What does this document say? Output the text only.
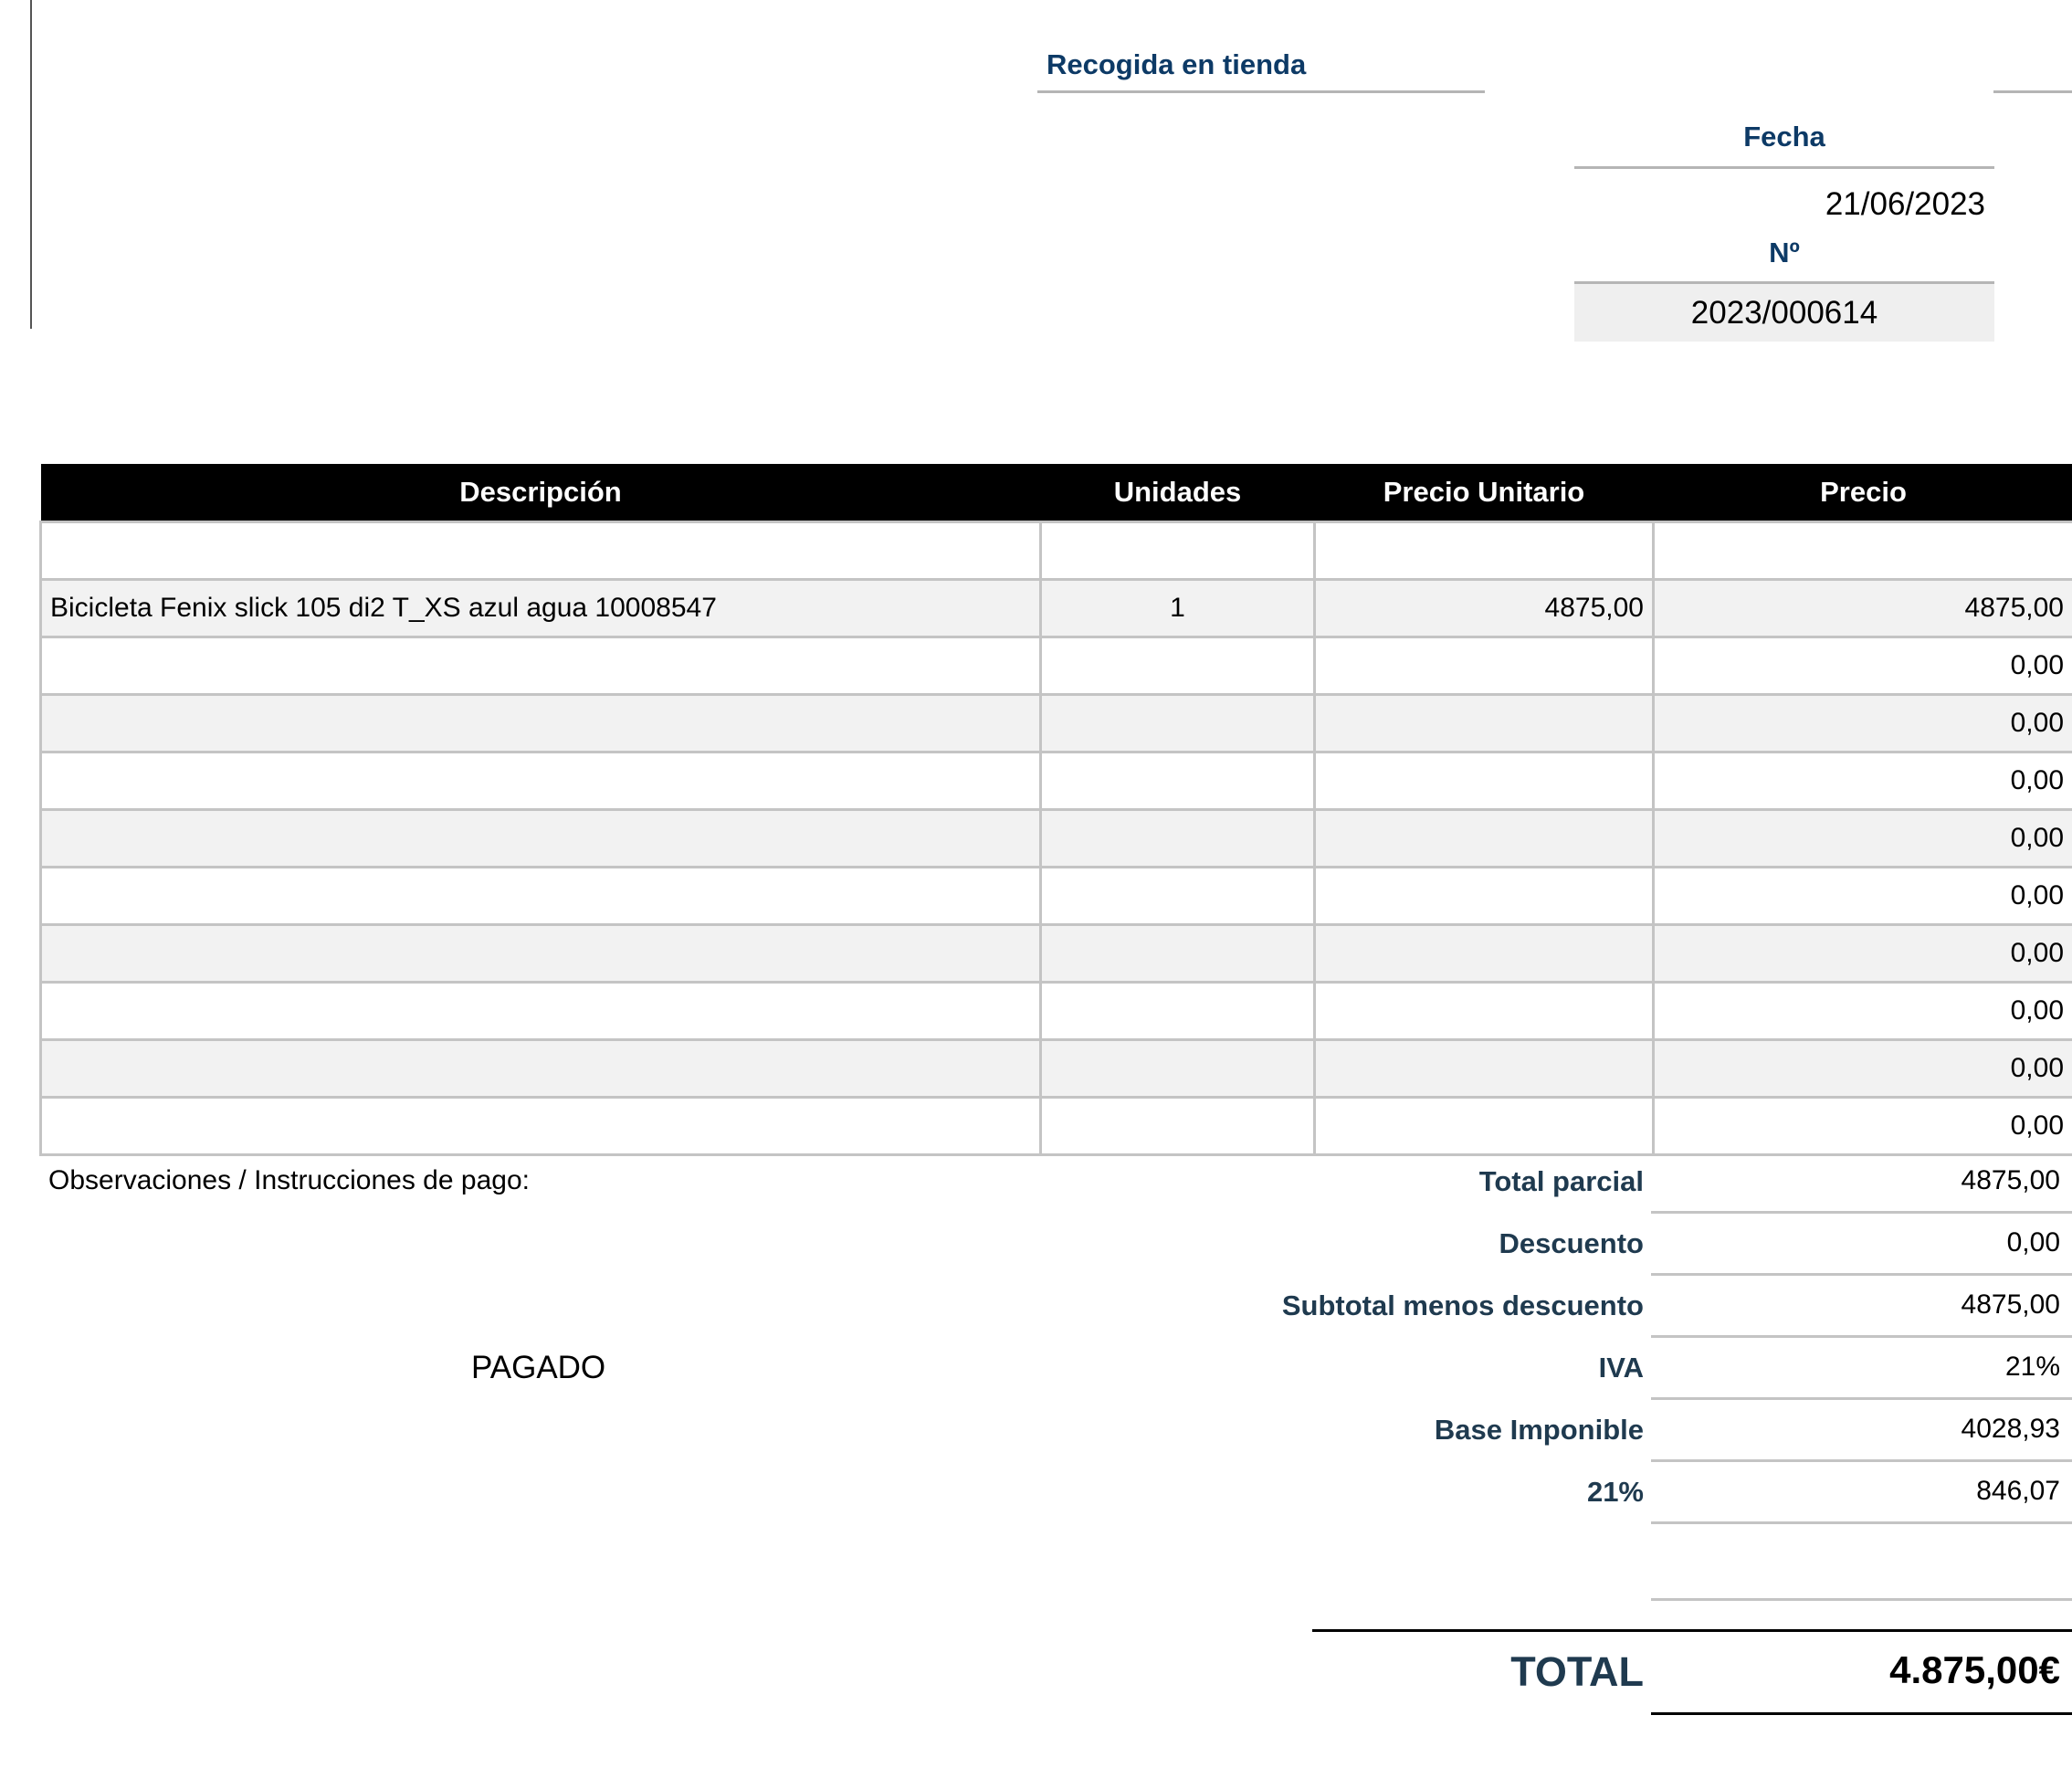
Recogida en tienda
Fecha
21/06/2023
Nº
2023/000614
Descripción	Unidades	Precio Unitario	Precio

Bicicleta Fenix slick 105 di2 T_XS azul agua 10008547	1	4875,00	4875,00
			0,00
			0,00
			0,00
			0,00
			0,00
			0,00
			0,00
			0,00
			0,00
Observaciones / Instrucciones de pago:
PAGADO
Total parcial	4875,00
Descuento	0,00
Subtotal menos descuento	4875,00
IVA	21%
Base Imponible	4028,93
21%	846,07
TOTAL	4.875,00€
